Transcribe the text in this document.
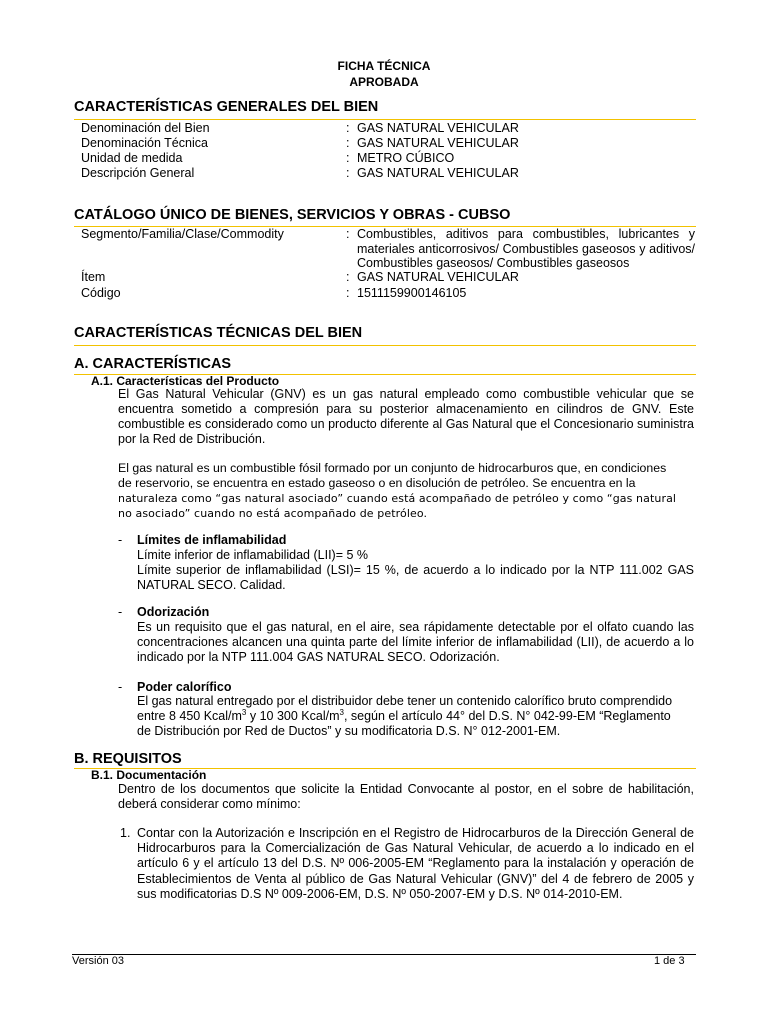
FICHA TÉCNICA
APROBADA
CARACTERÍSTICAS GENERALES DEL BIEN
Denominación del Bien	: GAS NATURAL VEHICULAR
Denominación Técnica	: GAS NATURAL VEHICULAR
Unidad de medida	: METRO CÚBICO
Descripción General	: GAS NATURAL VEHICULAR
CATÁLOGO ÚNICO DE BIENES, SERVICIOS Y OBRAS - CUBSO
Segmento/Familia/Clase/Commodity	: Combustibles, aditivos para combustibles, lubricantes y materiales anticorrosivos/ Combustibles gaseosos y aditivos/ Combustibles gaseosos/ Combustibles gaseosos
Ítem	: GAS NATURAL VEHICULAR
Código	: 1511159900146105
CARACTERÍSTICAS TÉCNICAS DEL BIEN
A. CARACTERÍSTICAS
A.1. Características del Producto
El Gas Natural Vehicular (GNV) es un gas natural empleado como combustible vehicular que se encuentra sometido a compresión para su posterior almacenamiento en cilindros de GNV. Este combustible es considerado como un producto diferente al Gas Natural que el Concesionario suministra por la Red de Distribución.
El gas natural es un combustible fósil formado por un conjunto de hidrocarburos que, en condiciones
de reservorio, se encuentra en estado gaseoso o en disolución de petróleo. Se encuentra en la
naturaleza como “gas natural asociado” cuando está acompañado de petróleo y como “gas natural
no asociado” cuando no está acompañado de petróleo.
- Límites de inflamabilidad
Límite inferior de inflamabilidad (LII)= 5 %
Límite superior de inflamabilidad (LSI)= 15 %, de acuerdo a lo indicado por la NTP 111.002 GAS NATURAL SECO. Calidad.
- Odorización
Es un requisito que el gas natural, en el aire, sea rápidamente detectable por el olfato cuando las concentraciones alcancen una quinta parte del límite inferior de inflamabilidad (LII), de acuerdo a lo indicado por la NTP 111.004 GAS NATURAL SECO. Odorización.
- Poder calorífico
El gas natural entregado por el distribuidor debe tener un contenido calorífico bruto comprendido
entre 8 450 Kcal/$m^3$ y 10 300 Kcal/$m^3$, según el artículo 44° del D.S. N° 042-99-EM “Reglamento
de Distribución por Red de Ductos” y su modificatoria D.S. N° 012-2001-EM.
B. REQUISITOS
B.1. Documentación
Dentro de los documentos que solicite la Entidad Convocante al postor, en el sobre de habilitación, deberá considerar como mínimo:
1. Contar con la Autorización e Inscripción en el Registro de Hidrocarburos de la Dirección General de Hidrocarburos para la Comercialización de Gas Natural Vehicular, de acuerdo a lo indicado en el artículo 6 y el artículo 13 del D.S. Nº 006-2005-EM “Reglamento para la instalación y operación de Establecimientos de Venta al público de Gas Natural Vehicular (GNV)” del 4 de febrero de 2005 y sus modificatorias D.S Nº 009-2006-EM, D.S. Nº 050-2007-EM y D.S. Nº 014-2010-EM.
Versión 03	1 de 3
